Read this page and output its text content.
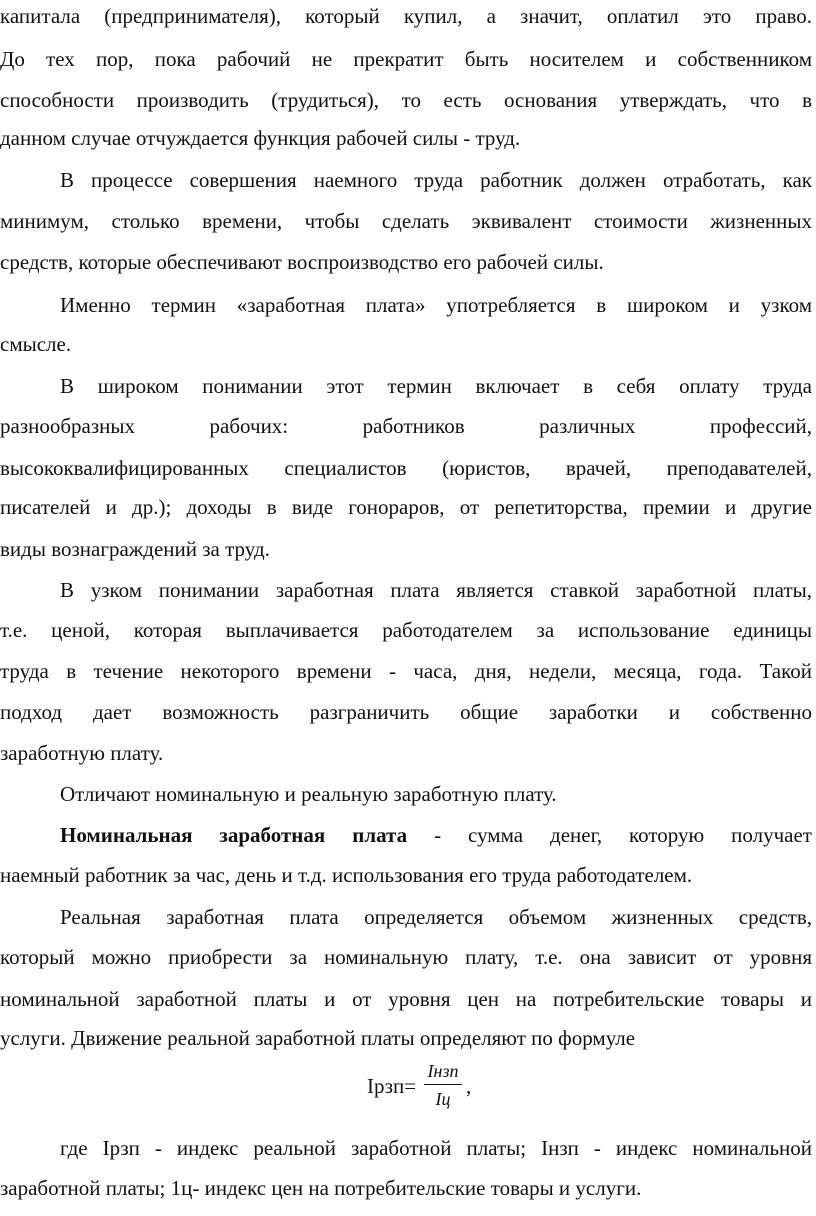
капитала (предпринимателя), который купил, а значит, оплатил это право.
До тех пор, пока рабочий не прекратит быть носителем и собственником
способности производить (трудиться), то есть основания утверждать, что в
данном случае отчуждается функция рабочей силы - труд.
В процессе совершения наемного труда работник должен отработать, как
минимум, столько времени, чтобы сделать эквивалент стоимости жизненных
средств, которые обеспечивают воспроизводство его рабочей силы.
Именно термин «заработная плата» употребляется в широком и узком
смысле.
В широком понимании этот термин включает в себя оплату труда
разнообразных рабочих: работников различных профессий,
высококвалифицированных специалистов (юристов, врачей, преподавателей,
писателей и др.); доходы в виде гонораров, от репетиторства, премии и другие
виды вознаграждений за труд.
В узком понимании заработная плата является ставкой заработной платы,
т.е. ценой, которая выплачивается работодателем за использование единицы
труда в течение некоторого времени - часа, дня, недели, месяца, года. Такой
подход дает возможность разграничить общие заработки и собственно
заработную плату.
Отличают номинальную и реальную заработную плату.
Номинальная заработная плата - сумма денег, которую получает
наемный работник за час, день и т.д. использования его труда работодателем.
Реальная заработная плата определяется объемом жизненных средств,
который можно приобрести за номинальную плату, т.е. она зависит от уровня
номинальной заработной платы и от уровня цен на потребительские товары и
услуги. Движение реальной заработной платы определяют по формуле
Iрзп=
Iнзп
Iц
,
где Iрзп - индекс реальной заработной платы; Iнзп - индекс номинальной
заработной платы; 1ц- индекс цен на потребительские товары и услуги.
